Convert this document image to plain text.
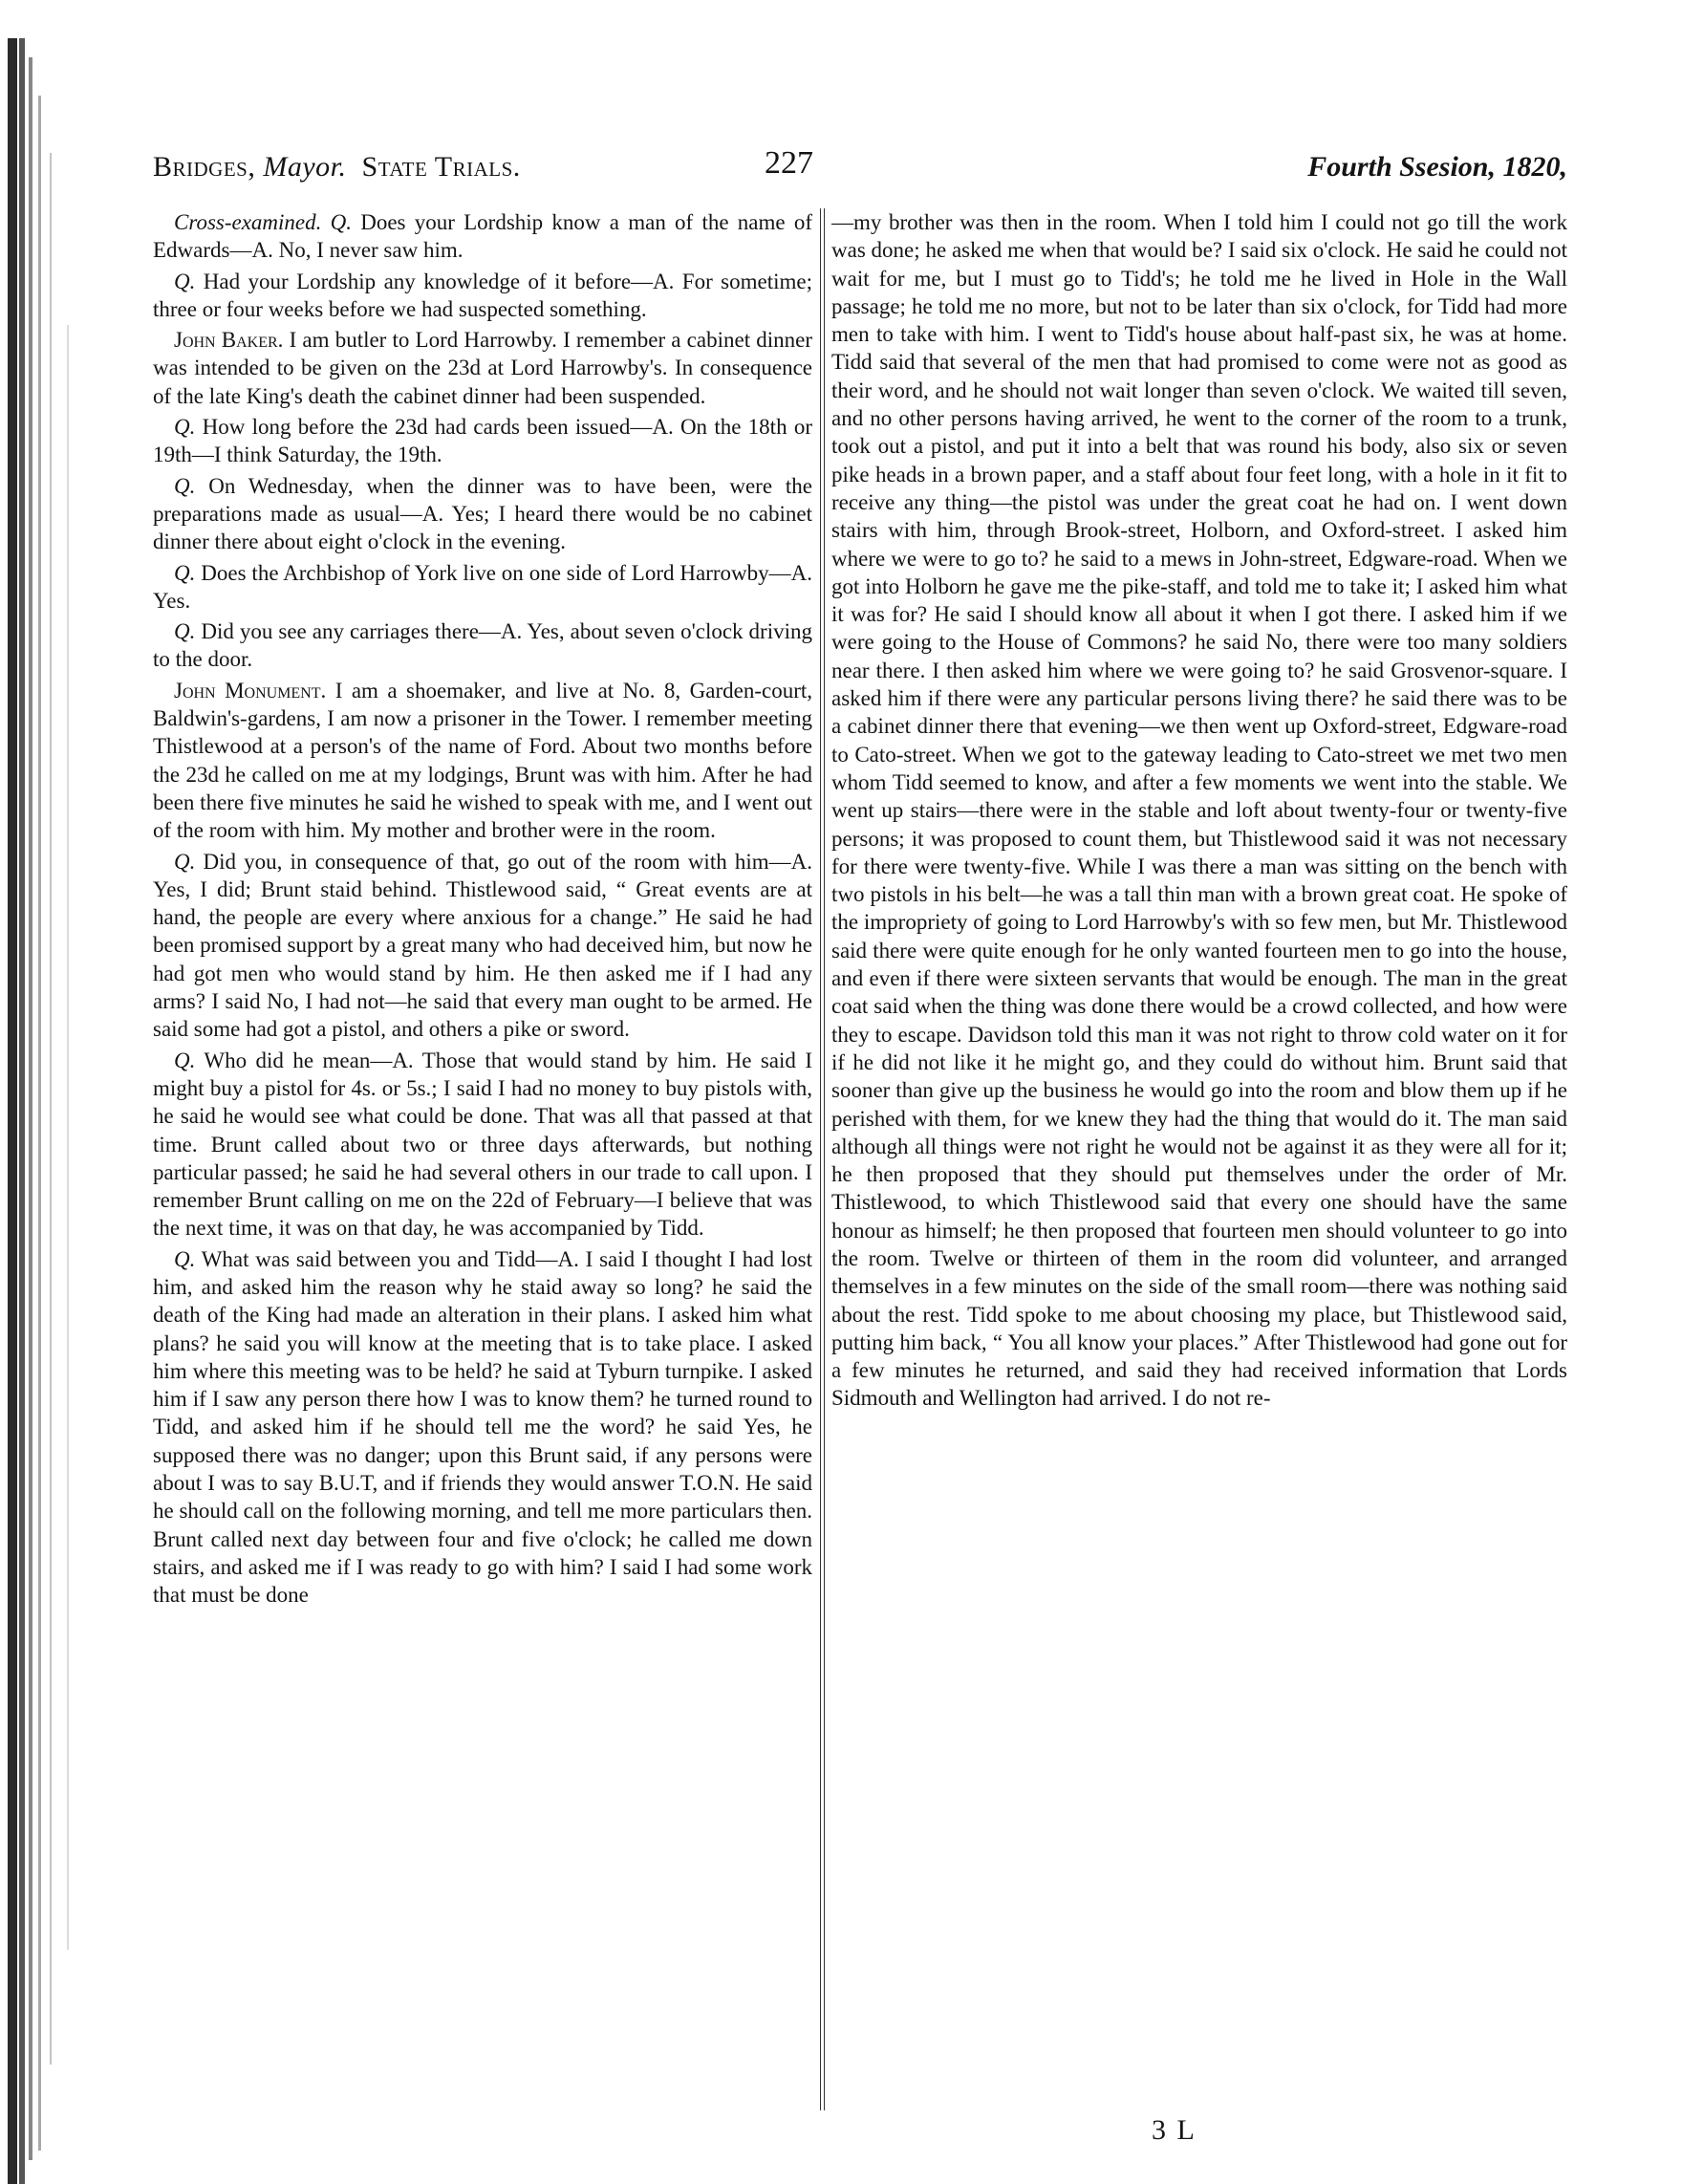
Bridges, Mayor. State Trials.	227	Fourth Ssesion, 1820,

Cross-examined. Q. Does your Lordship know a man of the name of Edwards—A. No, I never saw him.

Q. Had your Lordship any knowledge of it before—A. For sometime; three or four weeks before we had suspected something.

John Baker. I am butler to Lord Harrowby. I remember a cabinet dinner was intended to be given on the 23d at Lord Harrowby's. In consequence of the late King's death the cabinet dinner had been suspended.

Q. How long before the 23d had cards been issued—A. On the 18th or 19th—I think Saturday, the 19th.

Q. On Wednesday, when the dinner was to have been, were the preparations made as usual—A. Yes; I heard there would be no cabinet dinner there about eight o'clock in the evening.

Q. Does the Archbishop of York live on one side of Lord Harrowby—A. Yes.

Q. Did you see any carriages there—A. Yes, about seven o'clock driving to the door.

John Monument. I am a shoemaker, and live at No. 8, Garden-court, Baldwin's-gardens, I am now a prisoner in the Tower. I remember meeting Thistlewood at a person's of the name of Ford. About two months before the 23d he called on me at my lodgings, Brunt was with him. After he had been there five minutes he said he wished to speak with me, and I went out of the room with him. My mother and brother were in the room.

Q. Did you, in consequence of that, go out of the room with him—A. Yes, I did; Brunt staid behind. Thistlewood said, “ Great events are at hand, the people are every where anxious for a change.” He said he had been promised support by a great many who had deceived him, but now he had got men who would stand by him. He then asked me if I had any arms? I said No, I had not—he said that every man ought to be armed. He said some had got a pistol, and others a pike or sword.

Q. Who did he mean—A. Those that would stand by him. He said I might buy a pistol for 4s. or 5s.; I said I had no money to buy pistols with, he said he would see what could be done. That was all that passed at that time. Brunt called about two or three days afterwards, but nothing particular passed; he said he had several others in our trade to call upon. I remember Brunt calling on me on the 22d of February—I believe that was the next time, it was on that day, he was accompanied by Tidd.

Q. What was said between you and Tidd—A. I said I thought I had lost him, and asked him the reason why he staid away so long? he said the death of the King had made an alteration in their plans. I asked him what plans? he said you will know at the meeting that is to take place. I asked him where this meeting was to be held? he said at Tyburn turnpike. I asked him if I saw any person there how I was to know them? he turned round to Tidd, and asked him if he should tell me the word? he said Yes, he supposed there was no danger; upon this Brunt said, if any persons were about I was to say B.U.T, and if friends they would answer T.O.N. He said he should call on the following morning, and tell me more particulars then. Brunt called next day between four and five o'clock; he called me down stairs, and asked me if I was ready to go with him? I said I had some work that must be done

—my brother was then in the room. When I told him I could not go till the work was done; he asked me when that would be? I said six o'clock. He said he could not wait for me, but I must go to Tidd's; he told me he lived in Hole in the Wall passage; he told me no more, but not to be later than six o'clock, for Tidd had more men to take with him. I went to Tidd's house about half-past six, he was at home. Tidd said that several of the men that had promised to come were not as good as their word, and he should not wait longer than seven o'clock. We waited till seven, and no other persons having arrived, he went to the corner of the room to a trunk, took out a pistol, and put it into a belt that was round his body, also six or seven pike heads in a brown paper, and a staff about four feet long, with a hole in it fit to receive any thing—the pistol was under the great coat he had on. I went down stairs with him, through Brook-street, Holborn, and Oxford-street. I asked him where we were to go to? he said to a mews in John-street, Edgware-road. When we got into Holborn he gave me the pike-staff, and told me to take it; I asked him what it was for? He said I should know all about it when I got there. I asked him if we were going to the House of Commons? he said No, there were too many soldiers near there. I then asked him where we were going to? he said Grosvenor-square. I asked him if there were any particular persons living there? he said there was to be a cabinet dinner there that evening—we then went up Oxford-street, Edgware-road to Cato-street. When we got to the gateway leading to Cato-street we met two men whom Tidd seemed to know, and after a few moments we went into the stable. We went up stairs—there were in the stable and loft about twenty-four or twenty-five persons; it was proposed to count them, but Thistlewood said it was not necessary for there were twenty-five. While I was there a man was sitting on the bench with two pistols in his belt—he was a tall thin man with a brown great coat. He spoke of the impropriety of going to Lord Harrowby's with so few men, but Mr. Thistlewood said there were quite enough for he only wanted fourteen men to go into the house, and even if there were sixteen servants that would be enough. The man in the great coat said when the thing was done there would be a crowd collected, and how were they to escape. Davidson told this man it was not right to throw cold water on it for if he did not like it he might go, and they could do without him. Brunt said that sooner than give up the business he would go into the room and blow them up if he perished with them, for we knew they had the thing that would do it. The man said although all things were not right he would not be against it as they were all for it; he then proposed that they should put themselves under the order of Mr. Thistlewood, to which Thistlewood said that every one should have the same honour as himself; he then proposed that fourteen men should volunteer to go into the room. Twelve or thirteen of them in the room did volunteer, and arranged themselves in a few minutes on the side of the small room—there was nothing said about the rest. Tidd spoke to me about choosing my place, but Thistlewood said, putting him back, “ You all know your places.” After Thistlewood had gone out for a few minutes he returned, and said they had received information that Lords Sidmouth and Wellington had arrived. I do not re-

3 L
